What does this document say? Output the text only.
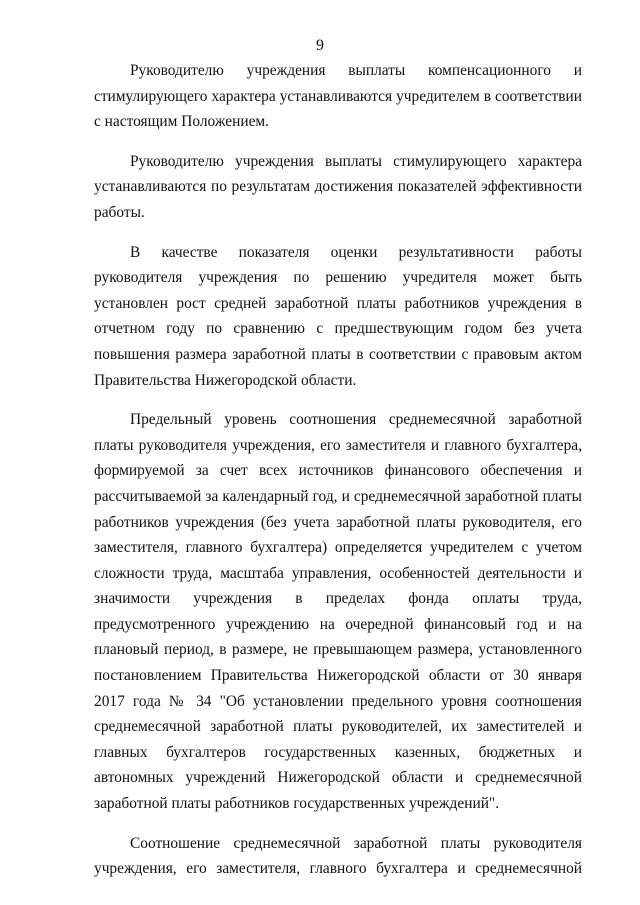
9

Руководителю учреждения выплаты компенсационного и стимулирующего характера устанавливаются учредителем в соответствии с настоящим Положением.

Руководителю учреждения выплаты стимулирующего характера устанавливаются по результатам достижения показателей эффективности работы.

В качестве показателя оценки результативности работы руководителя учреждения по решению учредителя может быть установлен рост средней заработной платы работников учреждения в отчетном году по сравнению с предшествующим годом без учета повышения размера заработной платы в соответствии с правовым актом Правительства Нижегородской области.

Предельный уровень соотношения среднемесячной заработной платы руководителя учреждения, его заместителя и главного бухгалтера, формируемой за счет всех источников финансового обеспечения и рассчитываемой за календарный год, и среднемесячной заработной платы работников учреждения (без учета заработной платы руководителя, его заместителя, главного бухгалтера) определяется учредителем с учетом сложности труда, масштаба управления, особенностей деятельности и значимости учреждения в пределах фонда оплаты труда, предусмотренного учреждению на очередной финансовый год и на плановый период, в размере, не превышающем размера, установленного постановлением Правительства Нижегородской области от 30 января 2017 года № 34 "Об установлении предельного уровня соотношения среднемесячной заработной платы руководителей, их заместителей и главных бухгалтеров государственных казенных, бюджетных и автономных учреждений Нижегородской области и среднемесячной заработной платы работников государственных учреждений".

Соотношение среднемесячной заработной платы руководителя учреждения, его заместителя, главного бухгалтера и среднемесячной
